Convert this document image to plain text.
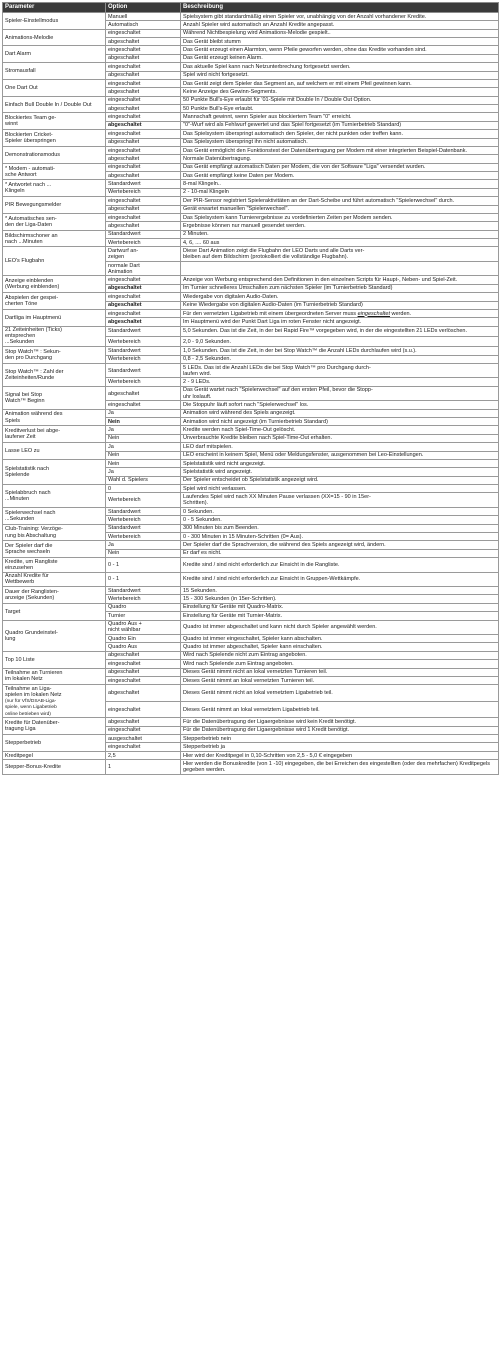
Parameter	Option	Beschreibung
Spieler-Einstellmodus	Manuell	Spielsystem gibt standardmäßig einen Spieler vor, unabhängig von der Anzahl vorhandener Kredite.
	Automatisch	Anzahl Spieler wird automatisch an Anzahl Kredite angepasst.
Animations-Melodie	eingeschaltet	Während Nichtbespielung wird Animations-Melodie gespielt..
	abgeschaltet	Das Gerät bleibt stumm
Dart Alarm	eingeschaltet	Das Gerät erzeugt einen Alarmton, wenn Pfeile geworfen werden, ohne das Kredite vorhanden sind.
	abgeschaltet	Das Gerät erzeugt keinen Alarm.
Stromausfall	eingeschaltet	Das aktuelle Spiel kann nach Netzunterbrechung fortgesetzt werden.
	abgeschaltet	Spiel wird nicht fortgesetzt.
One Dart Out	eingeschaltet	Das Gerät zeigt dem Spieler das Segment an, auf welchem er mit einem Pfeil gewinnen kann.
	abgeschaltet	Keine Anzeige des Gewinn-Segments.
Einfach Bull Double In / Double Out	eingeschaltet	50 Punkte Bull's-Eye erlaubt für '01-Spiele mit Double In / Double Out Option.
	abgeschaltet	50 Punkte Bull's-Eye erlaubt.
Blockiertes Team ge-
winnt	eingeschaltet	Mannschaft gewinnt, wenn Spieler aus blockiertem Team "0" erreicht.
	abgeschaltet	"0"-Wurf wird als Fehlwurf gewertet und das Spiel fortgesetzt (im Turnierbetrieb Standard)
Blockierten Cricket-
Spieler überspringen	eingeschaltet	Das Spielsystem überspringt automatisch den Spieler, der nicht punkten oder treffen kann.
	abgeschaltet	Das Spielsystem überspringt ihn nicht automatisch.
Demonstrationsmodus	eingeschaltet	Das Gerät ermöglicht den Funktionstest der Datenübertragung per Modem mit einer integrierten Beispiel-Datenbank.
	abgeschaltet	Normale Datenübertragung.
* Modem - automati-
sche Antwort	eingeschaltet	Das Gerät empfängt automatisch Daten per Modem, die von der Software "Liga" versendet wurden.
	abgeschaltet	Das Gerät empfängt keine Daten per Modem.
* Antwortet nach ...
Klingeln	Standardwert	8-mal Klingeln..
	Wertebereich	2 - 10-mal Klingeln
PIR Bewegungsmelder	eingeschaltet	Der PIR-Sensor registriert Spieleraktivitäten an der Dart-Scheibe und führt automatisch "Spielerwechsel" durch.
	abgeschaltet	Gerät erwartet manuellen "Spielerwechsel".
* Automatisches sen-
den der Liga-Daten	eingeschaltet	Das Spielsystem kann Turnierergebnisse zu vordefinierten Zeiten per Modem senden.
	abgeschaltet	Ergebnisse können nur manuell gesendet werden.
Bildschirmschoner an
nach ...Minuten	Standardwert	2 Minuten.
	Wertebereich	4, 6, .... 60 aus
LEO's Flugbahn	Dartwurf an-
zeigen	Diese Dart Animation zeigt die Flugbahn der LEO Darts und alle Darts ver-
bleiben auf dem Bildschirm (protokolliert die vollständige Flugbahn).
	normale Dart
Animation	
Anzeige einblenden
(Werbung einblenden)	eingeschaltet	Anzeige von Werbung entsprechend den Definitionen in den einzelnen Scripts für Haupt-, Neben- und Spiel-Zeit.
	abgeschaltet	Im Turnier schnelleres Umschalten zum nächsten Spieler (im Turnierbetrieb Standard)
Abspielen der gespei-
cherten Töne	eingeschaltet	Wiedergabe von digitalen Audio-Daten.
	abgeschaltet	Keine Wiedergabe von digitalen Audio-Daten (im Turnierbetrieb Standard)
Dartliga im Hauptmenü	eingeschaltet	Für den vernetzten Ligabetrieb mit einem übergeordneten Server muss eingeschaltet werden.
	abgeschaltet	Im Hauptmenü wird der Punkt Dart Liga im roten Fenster nicht angezeigt.
21 Zeiteinheiten (Ticks)
entsprechen
...Sekunden	Standardwert	5,0 Sekunden. Das ist die Zeit, in der bei Rapid Fire™ vorgegeben wird, in der die eingestellten 21 LEDs verlöschen.
	Wertebereich	2,0 - 9,0 Sekunden.
Stop Watch™ : Sekun-
den pro Durchgang	Standardwert	1,0 Sekunden. Das ist die Zeit, in der bei Stop Watch™ die Anzahl LEDs durchlaufen wird (s.u.).
	Wertebereich	0,8 - 2,5 Sekunden.
Stop Watch™ : Zahl der
Zeiteinheiten/Runde	Standardwert	5 LEDs. Das ist die Anzahl LEDs die bei Stop Watch™ pro Durchgang durch-
laufen wird.
	Wertebereich	2 - 9 LEDs.
Signal bei Stop
Watch™ Beginn	abgeschaltet	Das Gerät wartet nach "Spielerwechsel" auf den ersten Pfeil, bevor die Stopp-
uhr loslauft.
	eingeschaltet	Die Stoppuhr läuft sofort nach "Spielerwechsel" los.
Animation während des
Spiels	Ja	Animation wird während des Spiels angezeigt.
	Nein	Animation wird nicht angezeigt (im Turnierbetrieb Standard)
Kreditverlust bei abge-
laufener Zeit	Ja	Kredite werden nach Spiel-Time-Out gelöscht.
	Nein	Unverbrauchte Kredite bleiben nach Spiel-Time-Out erhalten.
Lasse LEO zu	Ja	LEO darf mitspielen.
	Nein	LEO erscheint in keinem Spiel, Menü oder Meldungsfenster, ausgenommen bei Leo-Einstellungen.
Spielstatistik nach
Spielende	Nein	Spielstatistik wird nicht angezeigt.
	Ja	Spielstatistik wird angezeigt.
	Wahl d. Spielers	Der Spieler entscheidet ob Spielstatistik angezeigt wird.
Spielabbruch nach
...Minuten	0	Spiel wird nicht verlassen.
	Wertebereich	Laufendes Spiel wird nach XX Minuten Pause verlassen (XX=15 - 90 in 15er-
Schritten).
Spielerwechsel nach
...Sekunden	Standardwert	0 Sekunden.
	Wertebereich	0 - 5 Sekunden.
Club-Training: Verzöge-
rung bis Abschaltung	Standardwert	300 Minuten bis zum Beenden.
	Wertebereich	0 - 300 Minuten in 15 Minuten-Schritten (0= Aus).
Der Spieler darf die
Sprache wechseln	Ja	Der Spieler darf die Sprachversion, die während des Spiels angezeigt wird, ändern.
	Nein	Er darf es nicht.
Kredite, um Rangliste
einzusehen	0 - 1	Kredite sind / sind nicht erforderlich zur Einsicht in die Rangliste.
Anzahl Kredite für
Wettbewerb	0 - 1	Kredite sind / sind nicht erforderlich zur Einsicht in Gruppen-Wettkämpfe.
Dauer der Ranglisten-
anzeige (Sekunden)	Standardwert	15 Sekunden.
	Wertebereich	15 - 300 Sekunden (in 15er-Schritten).
Target	Quadro	Einstellung für Geräte mit Quadro-Matrix.
	Turnier	Einstellung für Geräte mit Turnier-Matrix.
Quadro Grundeinstel-
lung	Quadro Aus +
nicht wählbar	Quadro ist immer abgeschaltet und kann nicht durch Spieler angewählt werden.
	Quadro Ein	Quadro ist immer eingeschaltet, Spieler kann abschalten.
	Quadro Aus	Quadro ist immer abgeschaltet, Spieler kann einschalten.
Top 10 Liste	abgeschaltet	Wird nach Spielende nicht zum Eintrag angeboten.
	eingeschaltet	Wird nach Spielende zum Eintrag angeboten.
Teilnahme an Turnieren
im lokalen Netz	abgeschaltet	Dieses Gerät nimmt nicht an lokal vernetzten Turnieren teil.
	eingeschaltet	Dieses Gerät nimmt an lokal vernetzten Turnieren teil.
Teilnahme an Liga-
spielen im lokalen Netz
(nur für VfS/DSAB-Liga-
spiele, wenn Ligabetrieb
online betrieben wird)	abgeschaltet	Dieses Gerät nimmt nicht an lokal vernetztem Ligabetrieb teil.
	eingeschaltet	Dieses Gerät nimmt an lokal vernetztem Ligabetrieb teil.
Kredite für Datenüber-
tragung Liga	abgeschaltet	Für die Datenübertragung der Ligaergebnisse wird kein Kredit benötigt.
	eingeschaltet	Für die Datenübertragung der Ligaergebnisse wird 1 Kredit benötigt.
Stepperbetrieb	ausgeschaltet	Stepperbetrieb nein
	eingeschaltet	Stepperbetrieb ja
Kreditpegel	2,5	Hier wird der Kreditpegel in 0,10-Schritten von 2,5 - 5,0 € eingegeben
Stepper-Bonus-Kredite	1	Hier werden die Bonuskredite (von 1 -10) eingegeben, die bei Erreichen des eingestellten (oder des mehrfachen) Kreditpegels gegeben werden.
